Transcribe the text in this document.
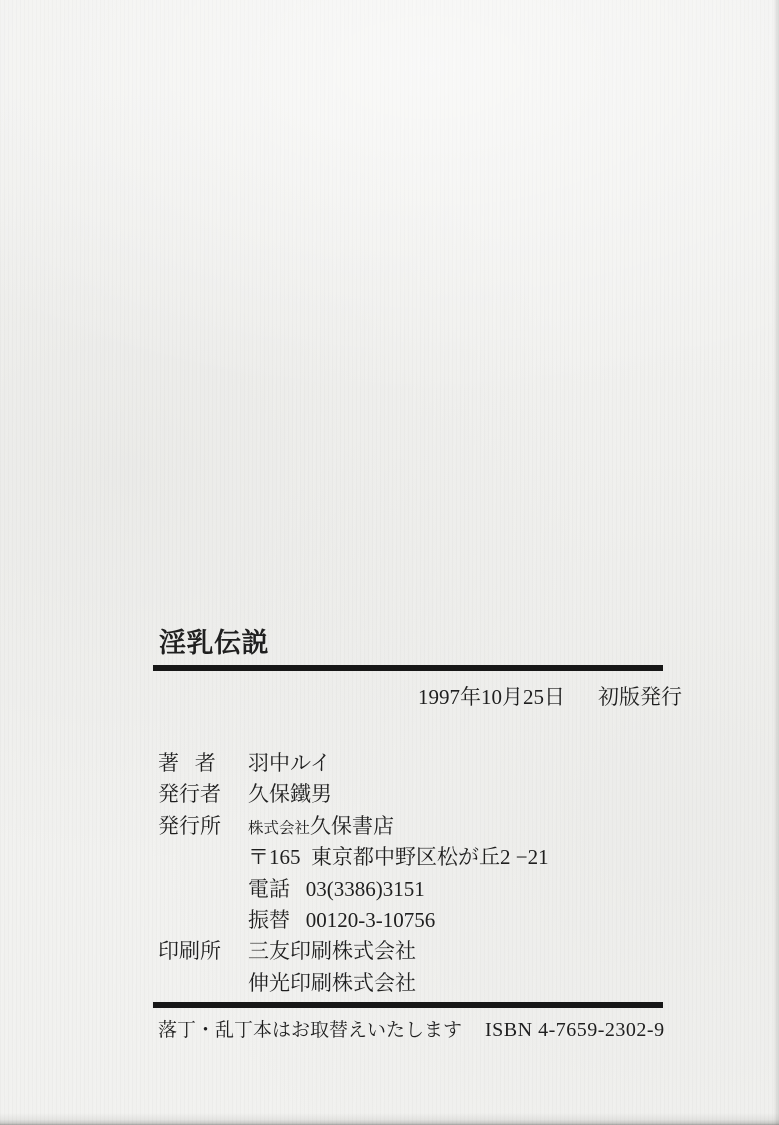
淫乳伝説
1997年10月25日 初版発行
著   者	羽中ルイ
発行者	久保鐵男
発行所	株式会社久保書店
〒165  東京都中野区松が丘2 −21
電話   03(3386)3151
振替   00120-3-10756
印刷所	三友印刷株式会社
伸光印刷株式会社
落丁・乱丁本はお取替えいたします ISBN 4-7659-2302-9
